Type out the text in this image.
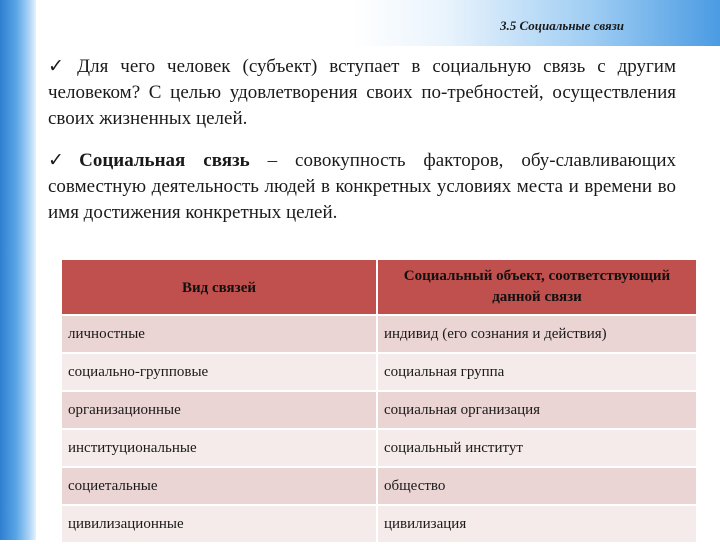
3.5 Социальные связи

✓ Для чего человек (субъект) вступает в социальную связь с другим человеком? С целью удовлетворения своих по-требностей, осуществления своих жизненных целей.

✓ Социальная связь – совокупность факторов, обу-славливающих совместную деятельность людей в конкретных условиях места и времени во имя достижения конкретных целей.

Вид связей	Социальный объект, соответствующий данной связи
личностные	индивид (его сознания и действия)
социально-групповые	социальная группа
организационные	социальная организация
институциональные	социальный институт
социетальные	общество
цивилизационные	цивилизация
